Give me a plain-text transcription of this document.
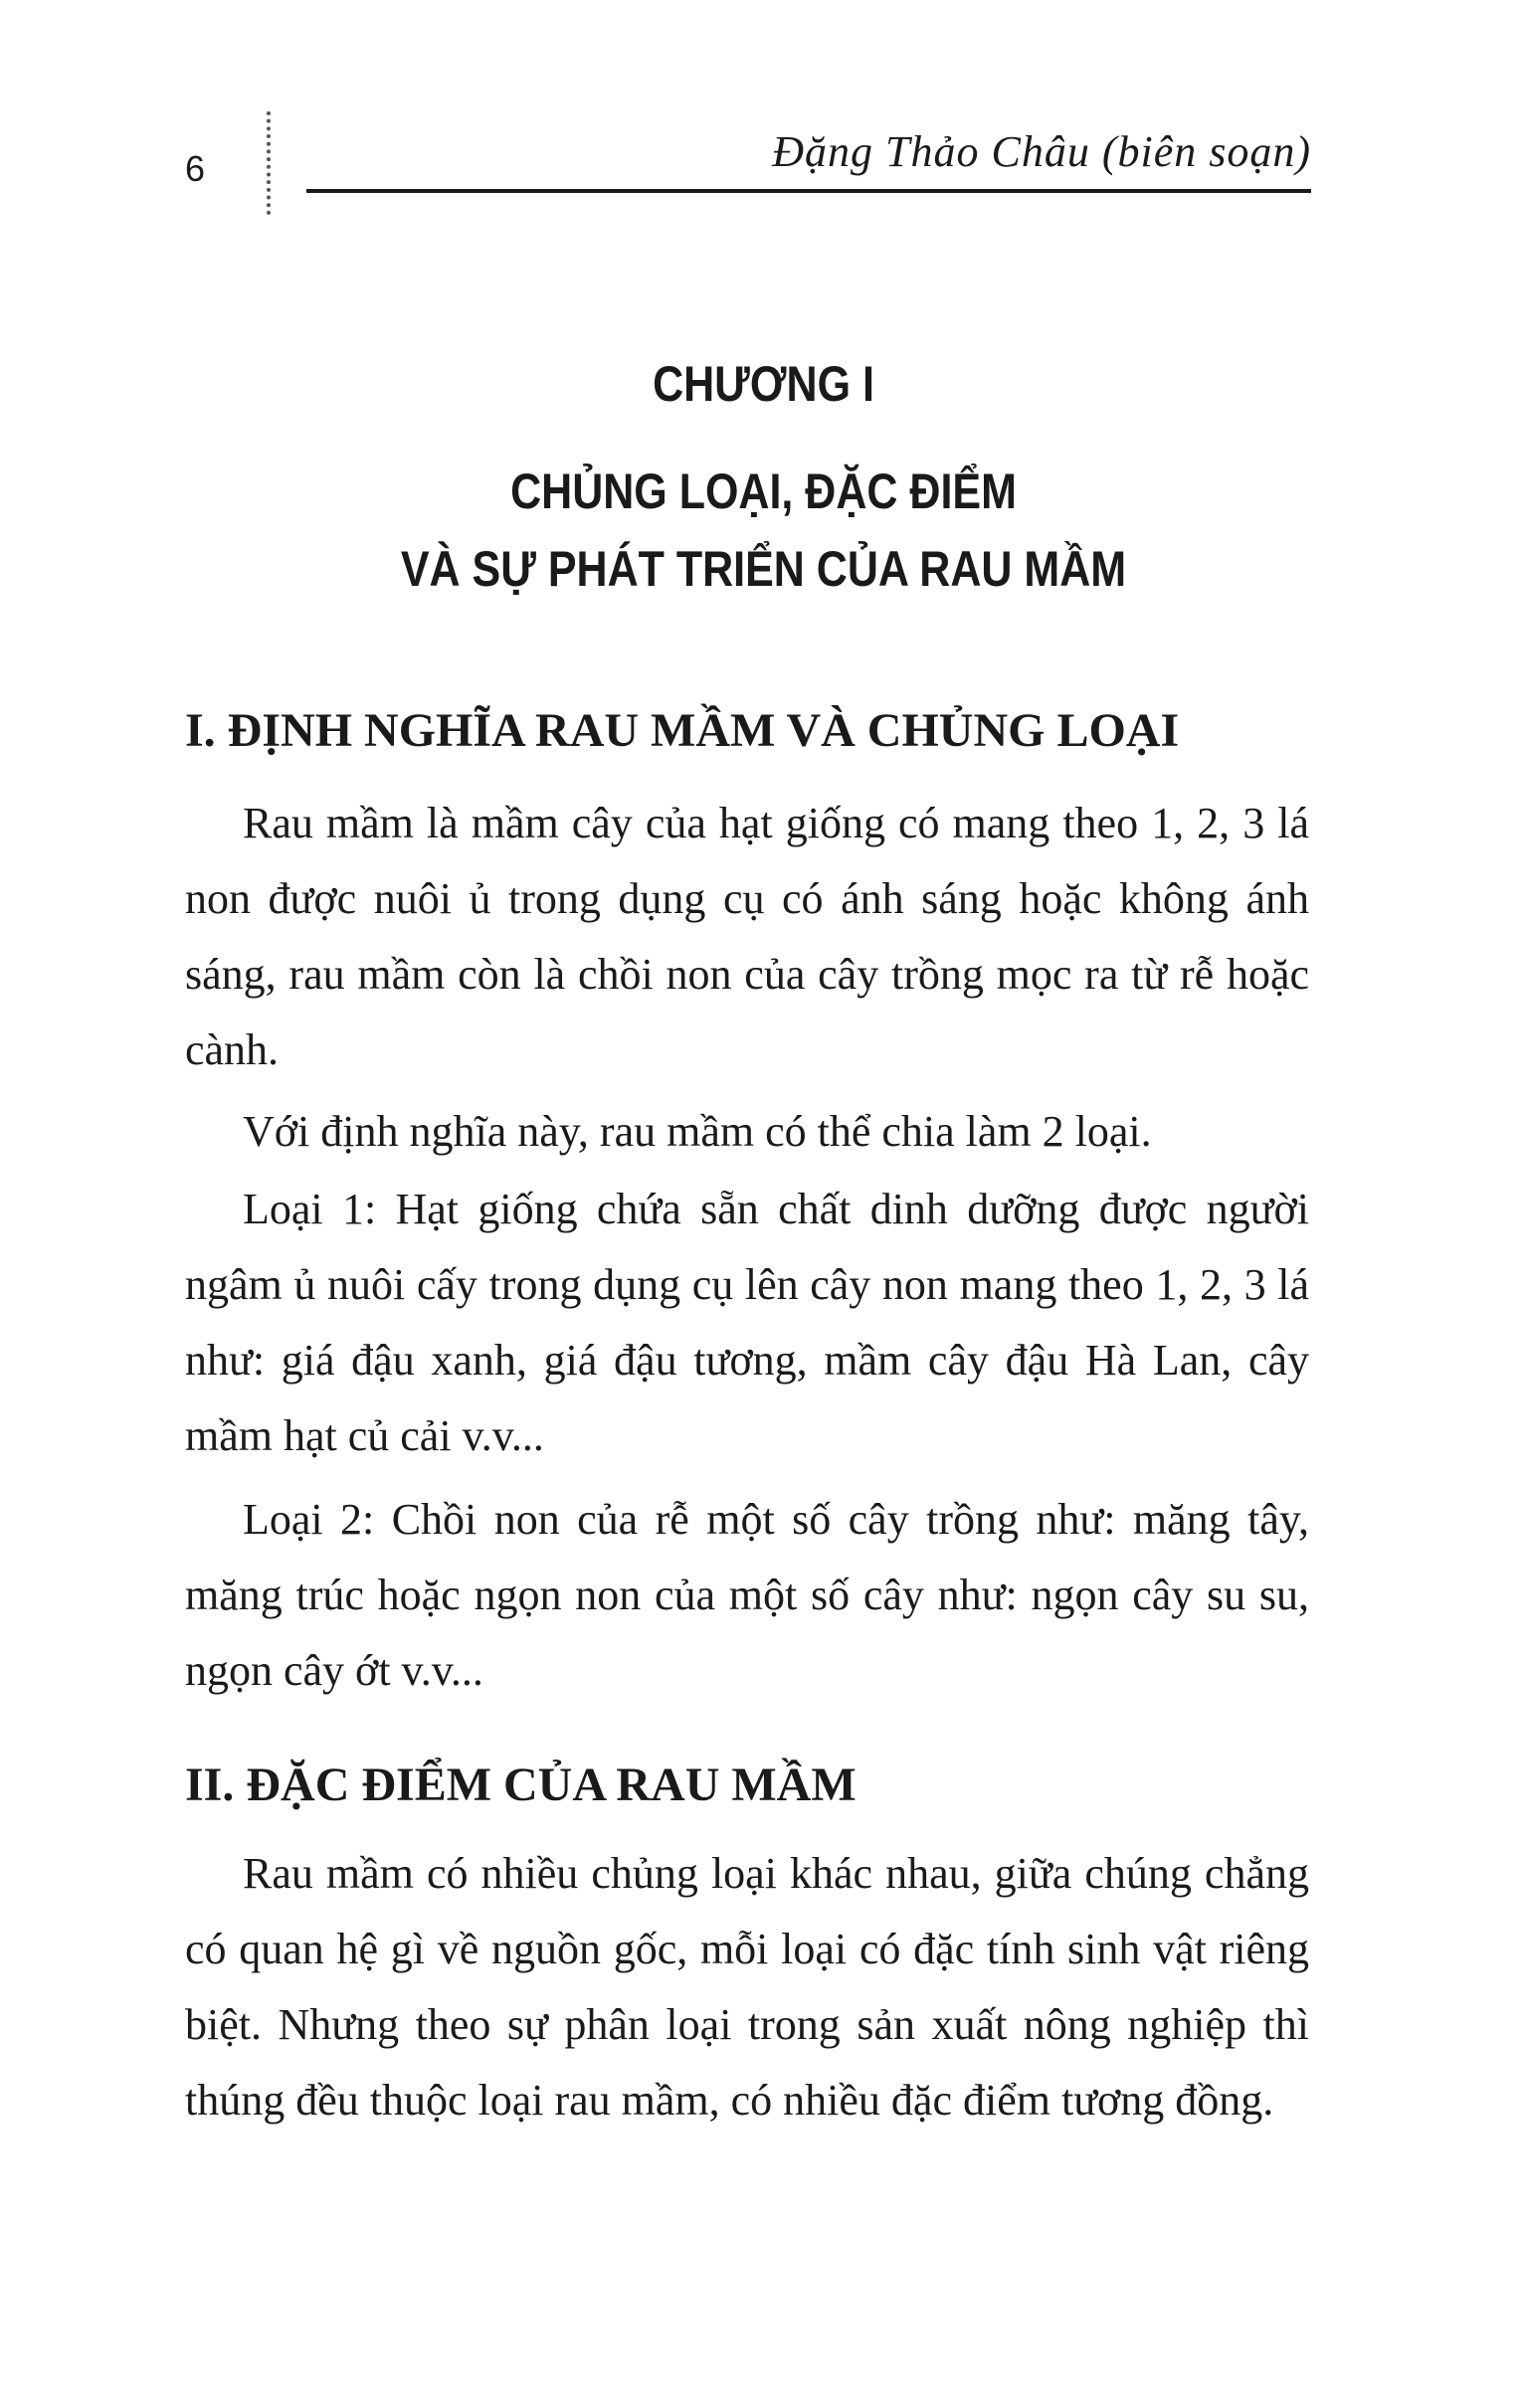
6	Đặng Thảo Châu (biên soạn)
CHƯƠNG I
CHỦNG LOẠI, ĐẶC ĐIỂM
VÀ SỰ PHÁT TRIỂN CỦA RAU MẦM
I. ĐỊNH NGHĨA RAU MẦM VÀ CHỦNG LOẠI

Rau mầm là mầm cây của hạt giống có mang theo 1, 2, 3 lá non được nuôi ủ trong dụng cụ có ánh sáng hoặc không ánh sáng, rau mầm còn là chồi non của cây trồng mọc ra từ rễ hoặc cành.

Với định nghĩa này, rau mầm có thể chia làm 2 loại.

Loại 1: Hạt giống chứa sẵn chất dinh dưỡng được người ngâm ủ nuôi cấy trong dụng cụ lên cây non mang theo 1, 2, 3 lá như: giá đậu xanh, giá đậu tương, mầm cây đậu Hà Lan, cây mầm hạt củ cải v.v...

Loại 2: Chồi non của rễ một số cây trồng như: măng tây, măng trúc hoặc ngọn non của một số cây như: ngọn cây su su, ngọn cây ớt v.v...

II. ĐẶC ĐIỂM CỦA RAU MẦM

Rau mầm có nhiều chủng loại khác nhau, giữa chúng chẳng có quan hệ gì về nguồn gốc, mỗi loại có đặc tính sinh vật riêng biệt. Nhưng theo sự phân loại trong sản xuất nông nghiệp thì thúng đều thuộc loại rau mầm, có nhiều đặc điểm tương đồng.
